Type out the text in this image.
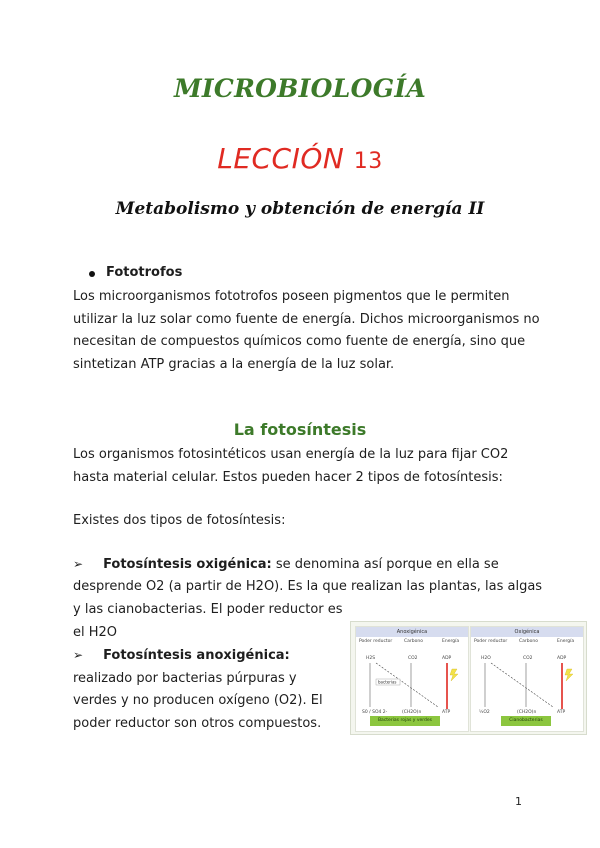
MICROBIOLOGÍA
LECCIÓN 13
Metabolismo y obtención de energía II
Fototrofos
Los microorganismos fototrofos poseen pigmentos que le permiten utilizar la luz solar como fuente de energía. Dichos microorganismos no necesitan de compuestos químicos como fuente de energía, sino que sintetizan ATP gracias a la energía de la luz solar.
La fotosíntesis
Los organismos fotosintéticos usan energía de la luz para fijar CO2 hasta material celular. Estos pueden hacer 2 tipos de fotosíntesis:
Existes dos tipos de fotosíntesis:
➢ Fotosíntesis oxigénica: se denomina así porque en ella se
desprende O2 (a partir de H2O). Es la que realizan las plantas, las algas
y las cianobacterias. El poder reductor es
el H2O
➢ Fotosíntesis anoxigénica: realizado por bacterias púrpuras y verdes y no producen oxígeno (O2). El poder reductor son otros compuestos.
Anoxigénica
Poder reductor	Carbono	Energía
H2S	CO2	ADP
bacterias
S0 / SO4 2-	(CH2O)n	ATP
Bacterias rojas y verdes
Oxigénica
Poder reductor	Carbono	Energía
H2O	CO2	ADP
½O2	(CH2O)n	ATP
Cianobacterias
1
